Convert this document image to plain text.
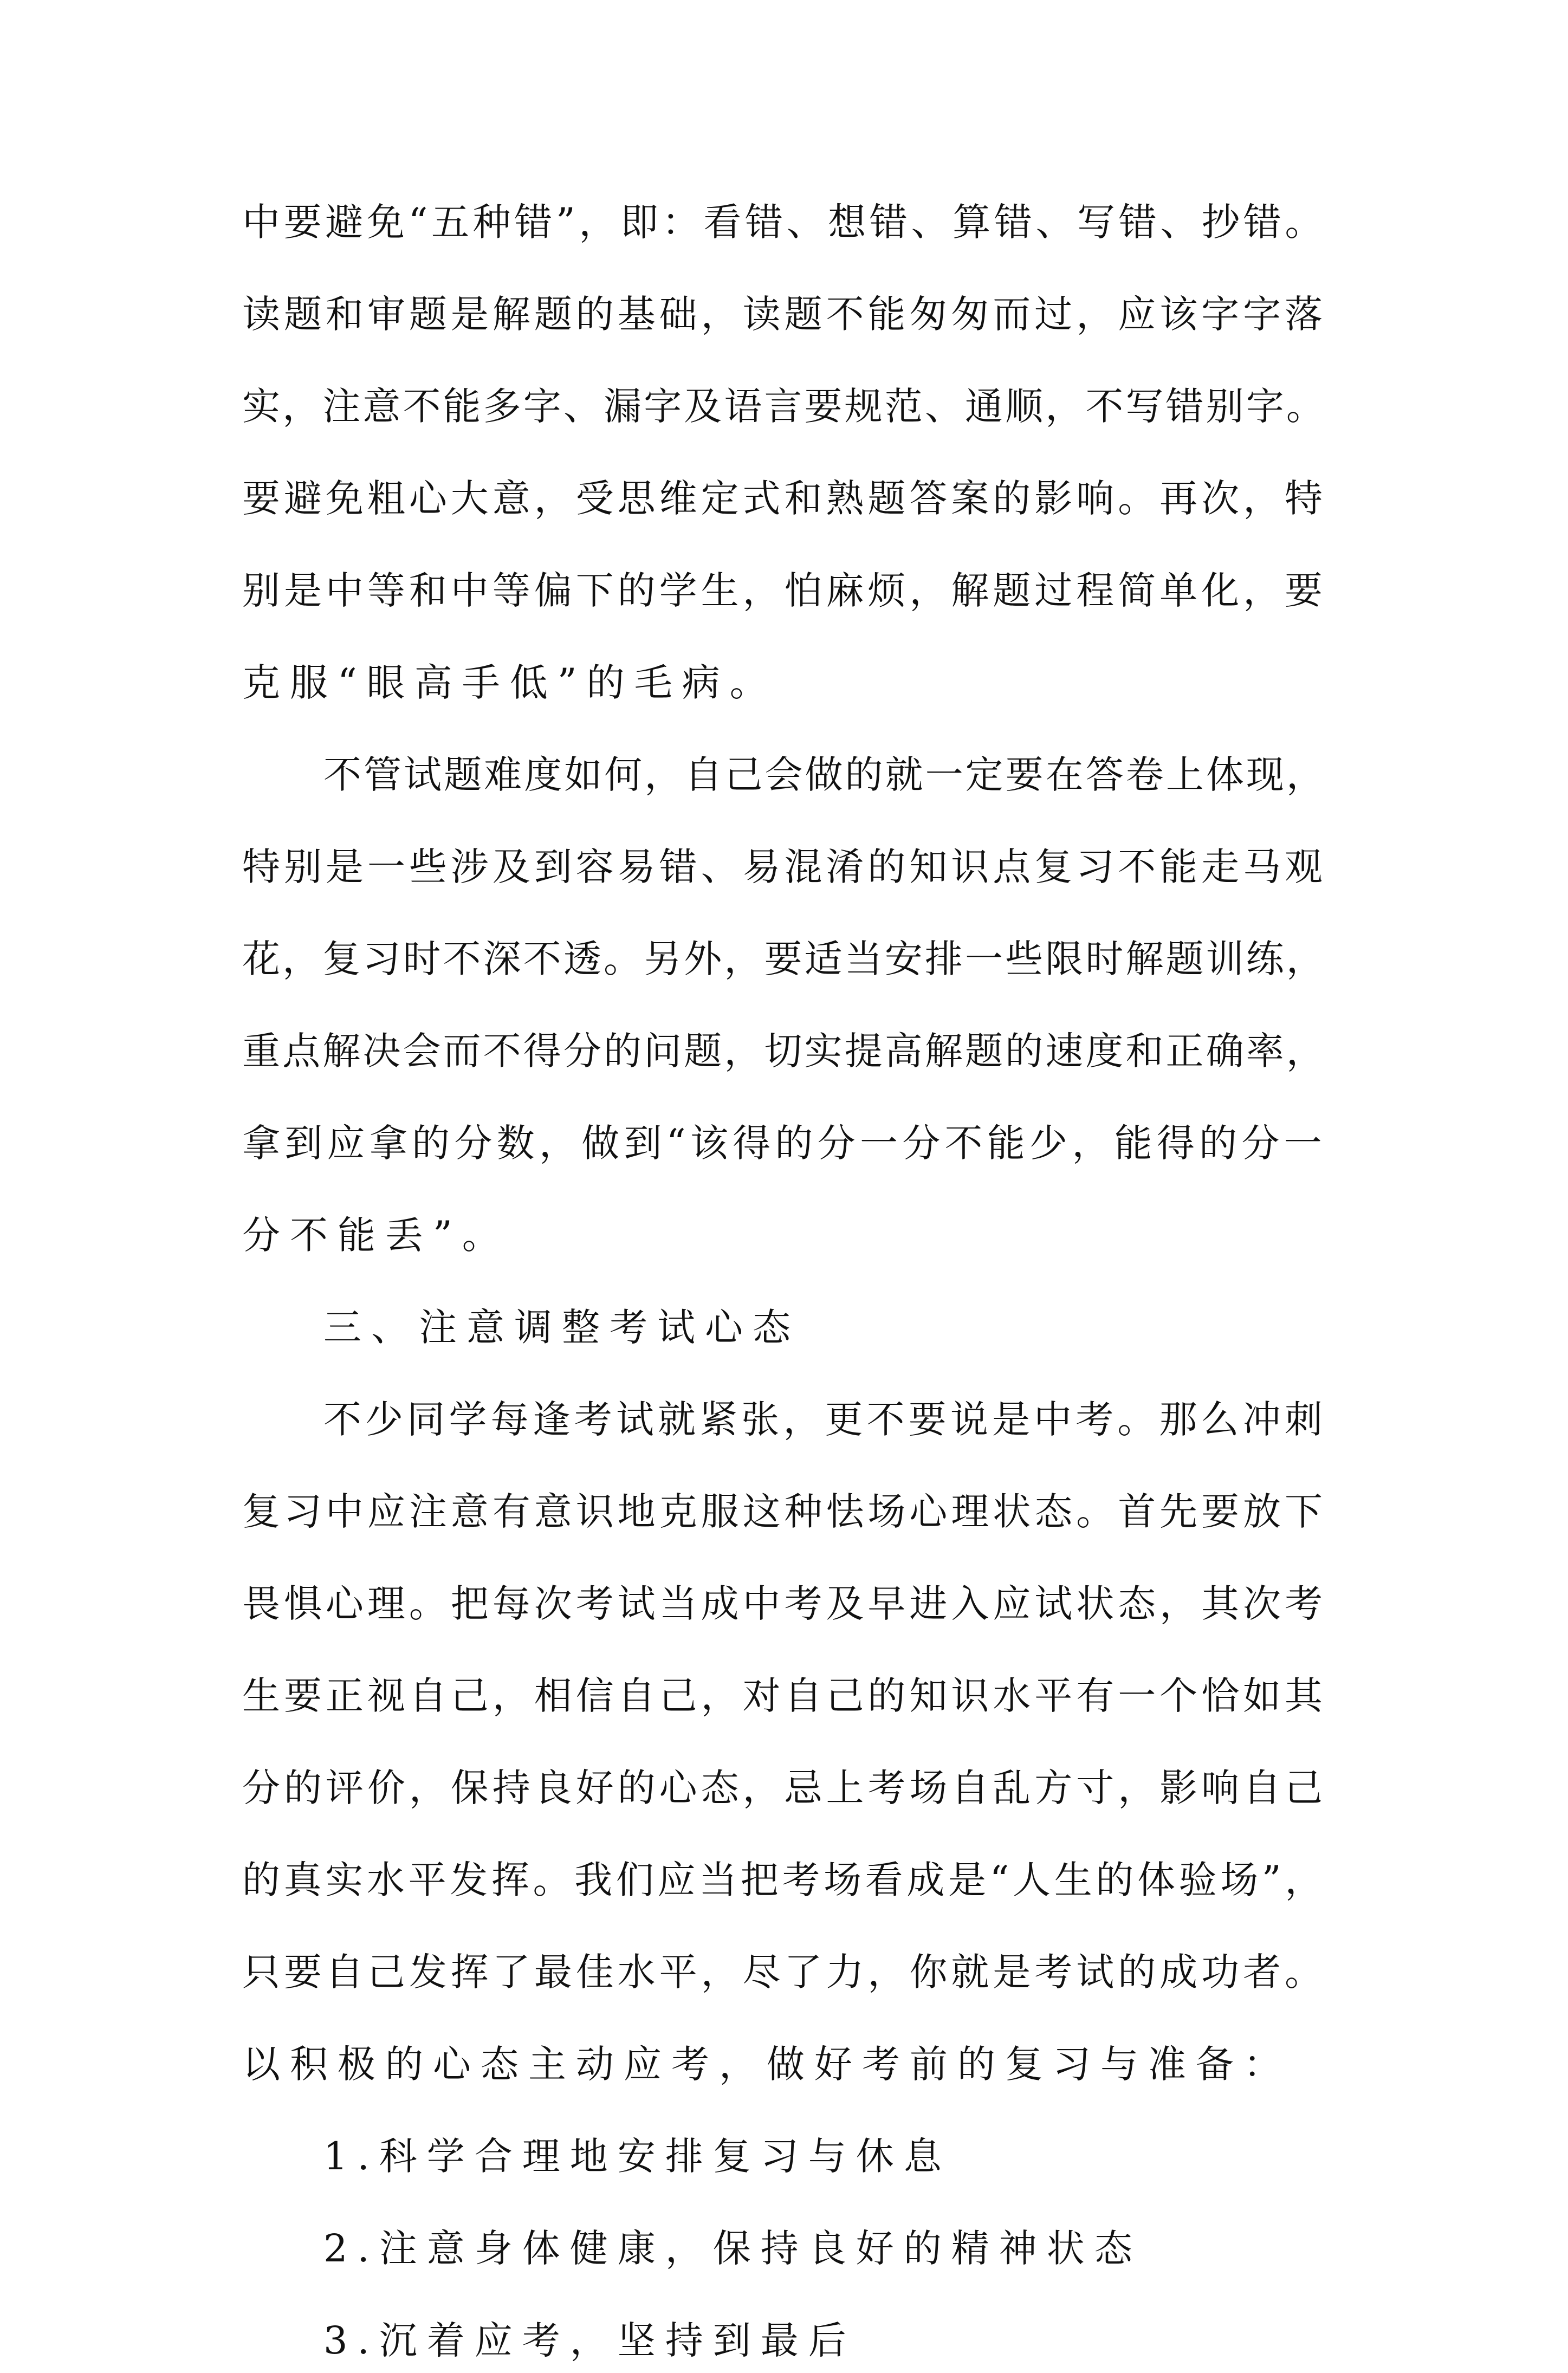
中要避免“五种错”，即：看错、想错、算错、写错、抄错。
读题和审题是解题的基础，读题不能匆匆而过，应该字字落
实，注意不能多字、漏字及语言要规范、通顺，不写错别字。
要避免粗心大意，受思维定式和熟题答案的影响。再次，特
别是中等和中等偏下的学生，怕麻烦，解题过程简单化，要
克服“眼高手低”的毛病。
不管试题难度如何，自己会做的就一定要在答卷上体现，
特别是一些涉及到容易错、易混淆的知识点复习不能走马观
花，复习时不深不透。另外，要适当安排一些限时解题训练，
重点解决会而不得分的问题，切实提高解题的速度和正确率，
拿到应拿的分数，做到“该得的分一分不能少，能得的分一
分不能丢”。
三、注意调整考试心态
不少同学每逢考试就紧张，更不要说是中考。那么冲刺
复习中应注意有意识地克服这种怯场心理状态。首先要放下
畏惧心理。把每次考试当成中考及早进入应试状态，其次考
生要正视自己，相信自己，对自己的知识水平有一个恰如其
分的评价，保持良好的心态，忌上考场自乱方寸，影响自己
的真实水平发挥。我们应当把考场看成是“人生的体验场”，
只要自己发挥了最佳水平，尽了力，你就是考试的成功者。
以积极的心态主动应考，做好考前的复习与准备：
1.科学合理地安排复习与休息
2.注意身体健康，保持良好的精神状态
3.沉着应考，坚持到最后
